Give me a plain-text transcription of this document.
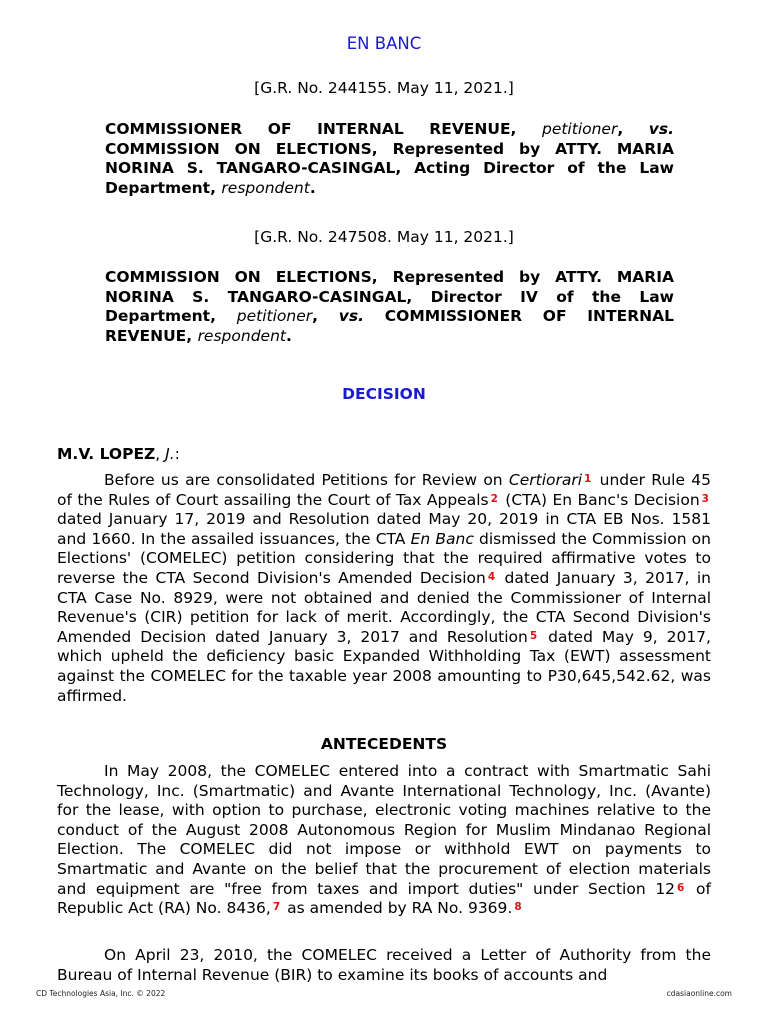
EN BANC
[G.R. No. 244155. May 11, 2021.]
COMMISSIONER OF INTERNAL REVENUE, petitioner, vs. COMMISSION ON ELECTIONS, Represented by ATTY. MARIA NORINA S. TANGARO-CASINGAL, Acting Director of the Law Department, respondent.
[G.R. No. 247508. May 11, 2021.]
COMMISSION ON ELECTIONS, Represented by ATTY. MARIA NORINA S. TANGARO-CASINGAL, Director IV of the Law Department, petitioner, vs. COMMISSIONER OF INTERNAL REVENUE, respondent.
DECISION
M.V. LOPEZ, J.:
Before us are consolidated Petitions for Review on Certiorari $^1$ under Rule 45 of the Rules of Court assailing the Court of Tax Appeals $^2$ (CTA) En Banc's Decision $^3$ dated January 17, 2019 and Resolution dated May 20, 2019 in CTA EB Nos. 1581 and 1660. In the assailed issuances, the CTA En Banc dismissed the Commission on Elections' (COMELEC) petition considering that the required affirmative votes to reverse the CTA Second Division's Amended Decision $^4$ dated January 3, 2017, in CTA Case No. 8929, were not obtained and denied the Commissioner of Internal Revenue's (CIR) petition for lack of merit. Accordingly, the CTA Second Division's Amended Decision dated January 3, 2017 and Resolution $^5$ dated May 9, 2017, which upheld the deficiency basic Expanded Withholding Tax (EWT) assessment against the COMELEC for the taxable year 2008 amounting to P30,645,542.62, was affirmed.
ANTECEDENTS
In May 2008, the COMELEC entered into a contract with Smartmatic Sahi Technology, Inc. (Smartmatic) and Avante International Technology, Inc. (Avante) for the lease, with option to purchase, electronic voting machines relative to the conduct of the August 2008 Autonomous Region for Muslim Mindanao Regional Election. The COMELEC did not impose or withhold EWT on payments to Smartmatic and Avante on the belief that the procurement of election materials and equipment are "free from taxes and import duties" under Section 12 $^6$ of Republic Act (RA) No. 8436, $^7$ as amended by RA No. 9369. $^8$
On April 23, 2010, the COMELEC received a Letter of Authority from the Bureau of Internal Revenue (BIR) to examine its books of accounts and
CD Technologies Asia, Inc. © 2022	cdasiaonline.com
